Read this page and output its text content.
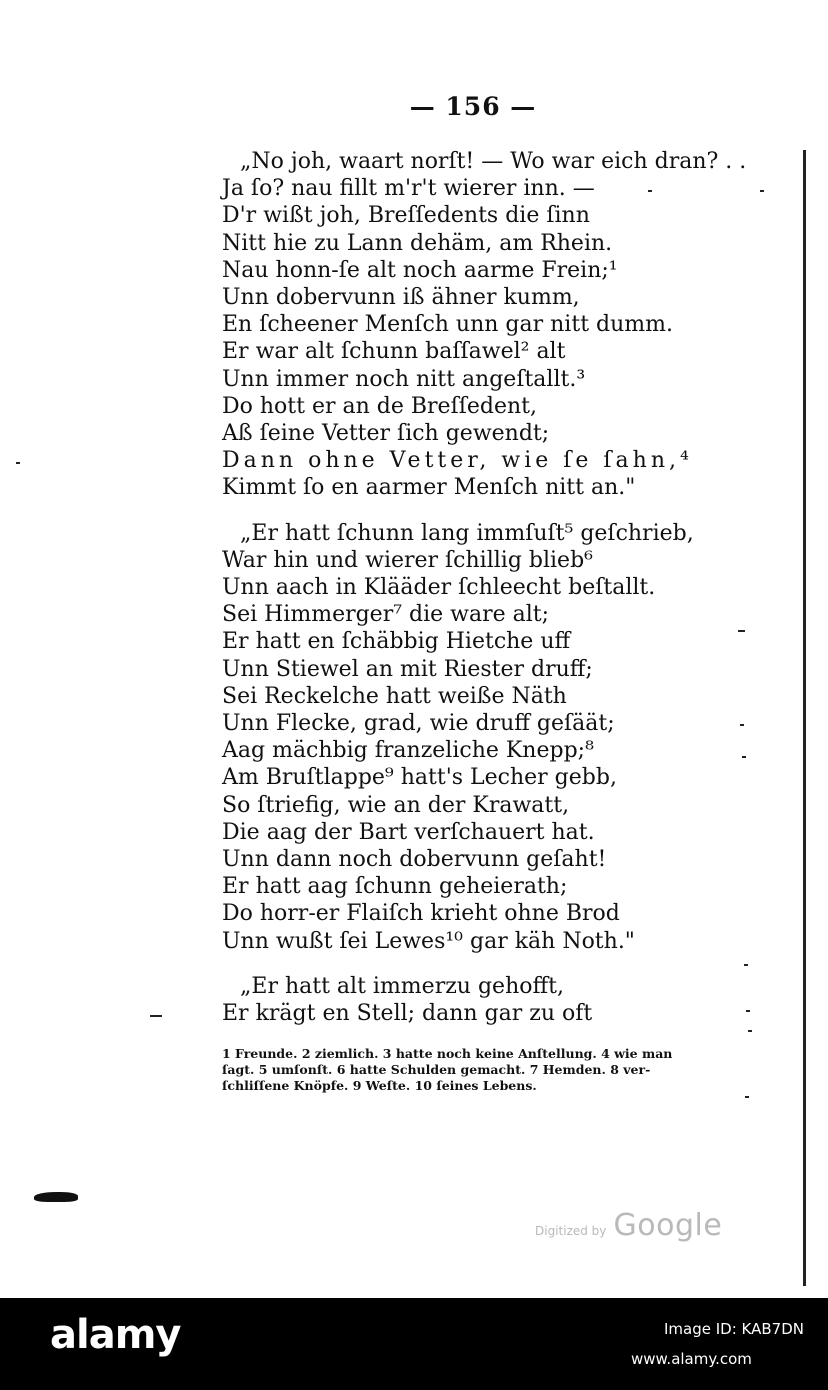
— 156 —
„No joh, waart norſt! — Wo war eich dran? . .
Ja ſo? nau fillt m'r't wierer inn. —
D'r wißt joh, Breſſedents die ſinn
Nitt hie zu Lann dehäm, am Rhein.
Nau honn-ſe alt noch aarme Frein;¹
Unn dobervunn iß ähner kumm,
En ſcheener Menſch unn gar nitt dumm.
Er war alt ſchunn baſſawel² alt
Unn immer noch nitt angeſtallt.³
Do hott er an de Breſſedent,
Aß ſeine Vetter ſich gewendt;
Dann ohne Vetter, wie ſe ſahn,⁴
Kimmt ſo en aarmer Menſch nitt an."
„Er hatt ſchunn lang immſuſt⁵ geſchrieb,
War hin und wierer ſchillig blieb⁶
Unn aach in Klääder ſchleecht beſtallt.
Sei Himmerger⁷ die ware alt;
Er hatt en ſchäbbig Hietche uff
Unn Stiewel an mit Riester druff;
Sei Reckelche hatt weiße Näth
Unn Flecke, grad, wie druff geſäät;
Aag mächbig franzeliche Knepp;⁸
Am Bruſtlappe⁹ hatt's Lecher gebb,
So ſtriefig, wie an der Krawatt,
Die aag der Bart verſchauert hat.
Unn dann noch dobervunn geſaht!
Er hatt aag ſchunn geheierath;
Do horr-er Flaiſch krieht ohne Brod
Unn wußt ſei Lewes¹⁰ gar käh Noth."
„Er hatt alt immerzu gehofft,
Er krägt en Stell; dann gar zu oft
1 Freunde. 2 ziemlich. 3 hatte noch keine Anſtellung. 4 wie man
ſagt. 5 umſonſt. 6 hatte Schulden gemacht. 7 Hemden. 8 ver-
ſchliſſene Knöpfe. 9 Weſte. 10 ſeines Lebens.
Digitized by Google
alamy	Image ID: KAB7DN
www.alamy.com
